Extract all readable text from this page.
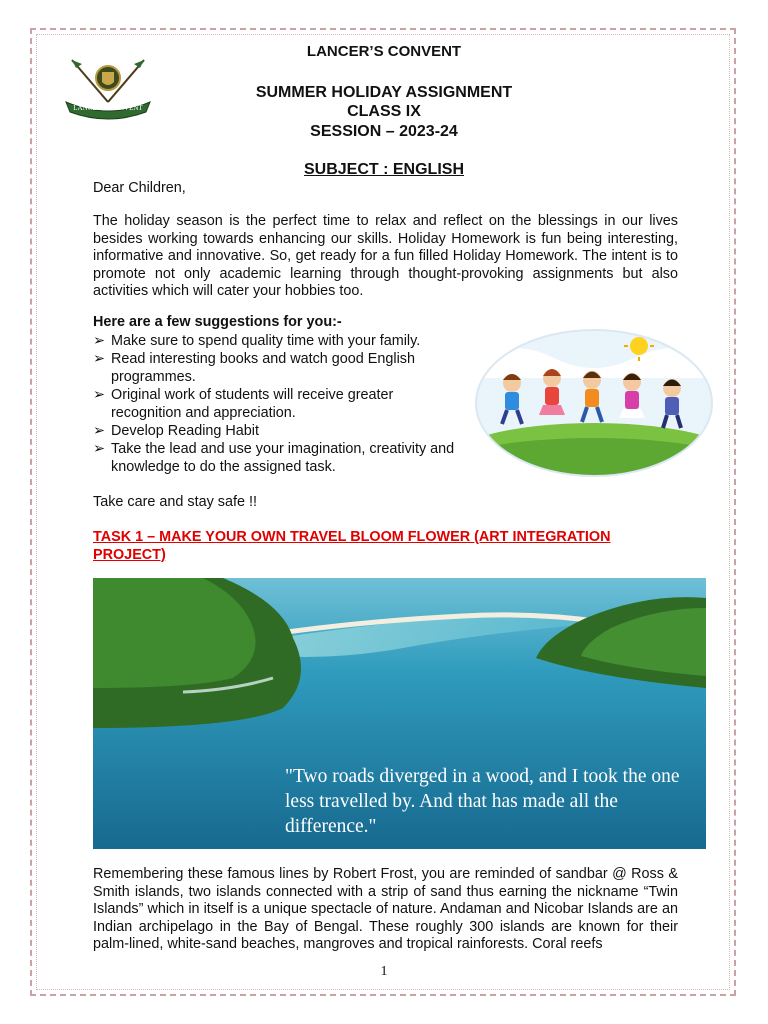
LANCER’S CONVENT
LANCER’S CONVENT
SUMMER HOLIDAY ASSIGNMENT
CLASS IX
SESSION – 2023-24
SUBJECT : ENGLISH
Dear Children,
The holiday season is the perfect time to relax and reflect on the blessings in our lives besides working towards enhancing our skills. Holiday Homework is fun being interesting, informative and innovative. So, get ready for a fun filled Holiday Homework. The intent is to promote not only academic learning through thought-provoking assignments but also activities which will cater your hobbies too.
Here are a few suggestions for you:-
➢ Make sure to spend quality time with your family.
➢ Read interesting books and watch good English programmes.
➢ Original work of students will receive greater recognition and appreciation.
➢ Develop Reading Habit
➢ Take the lead and use your imagination, creativity and knowledge to do the assigned task.
Take care and stay safe !!
TASK 1 – MAKE YOUR OWN TRAVEL BLOOM FLOWER (ART INTEGRATION PROJECT)
"Two roads diverged in a wood, and I took the one less travelled by. And that has made all the difference."
Remembering these famous lines by Robert Frost, you are reminded of sandbar @ Ross & Smith islands, two islands connected with a strip of sand thus earning the nickname “Twin Islands” which in itself is a unique spectacle of nature. Andaman and Nicobar Islands are an Indian archipelago in the Bay of Bengal. These roughly 300 islands are known for their palm-lined, white-sand beaches, mangroves and tropical rainforests. Coral reefs
1
